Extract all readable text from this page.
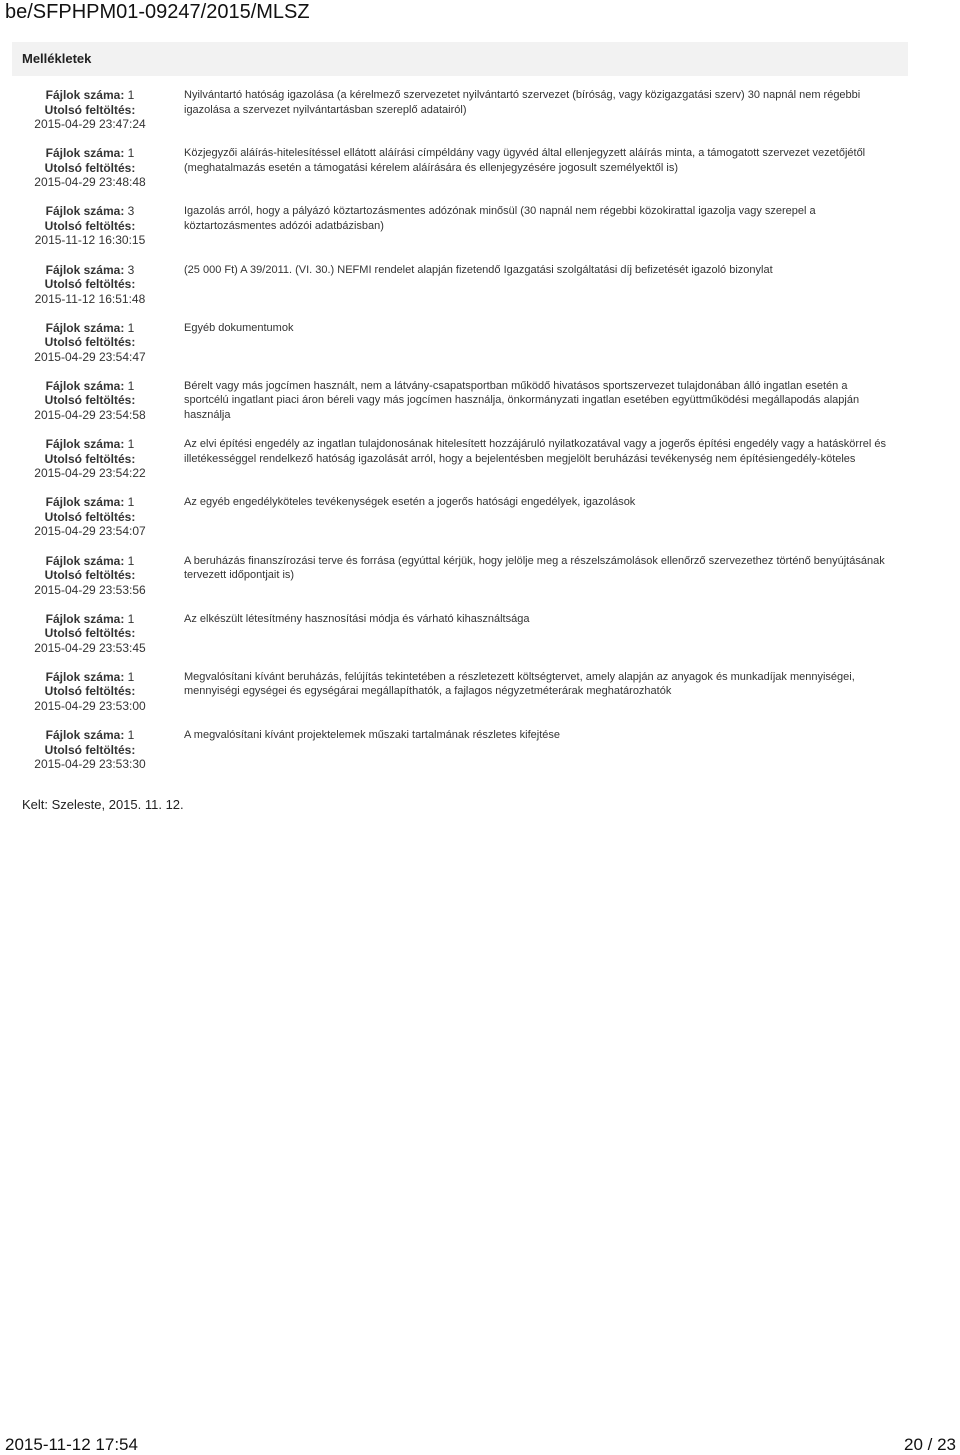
be/SFPHPM01-09247/2015/MLSZ
Mellékletek
Fájlok száma: 1
Utolsó feltöltés:
2015-04-29 23:47:24
Nyilvántartó hatóság igazolása (a kérelmező szervezetet nyilvántartó szervezet (bíróság, vagy közigazgatási szerv) 30 napnál nem régebbi igazolása a szervezet nyilvántartásban szereplő adatairól)
Fájlok száma: 1
Utolsó feltöltés:
2015-04-29 23:48:48
Közjegyzői aláírás-hitelesítéssel ellátott aláírási címpéldány vagy ügyvéd által ellenjegyzett aláírás minta, a támogatott szervezet vezetőjétől (meghatalmazás esetén a támogatási kérelem aláírására és ellenjegyzésére jogosult személyektől is)
Fájlok száma: 3
Utolsó feltöltés:
2015-11-12 16:30:15
Igazolás arról, hogy a pályázó köztartozásmentes adózónak minősül (30 napnál nem régebbi közokirattal igazolja vagy szerepel a köztartozásmentes adózói adatbázisban)
Fájlok száma: 3
Utolsó feltöltés:
2015-11-12 16:51:48
(25 000 Ft) A 39/2011. (VI. 30.) NEFMI rendelet alapján fizetendő Igazgatási szolgáltatási díj befizetését igazoló bizonylat
Fájlok száma: 1
Utolsó feltöltés:
2015-04-29 23:54:47
Egyéb dokumentumok
Fájlok száma: 1
Utolsó feltöltés:
2015-04-29 23:54:58
Bérelt vagy más jogcímen használt, nem a látvány-csapatsportban működő hivatásos sportszervezet tulajdonában álló ingatlan esetén a sportcélú ingatlant piaci áron béreli vagy más jogcímen használja, önkormányzati ingatlan esetében együttműködési megállapodás alapján használja
Fájlok száma: 1
Utolsó feltöltés:
2015-04-29 23:54:22
Az elvi építési engedély az ingatlan tulajdonosának hitelesített hozzájáruló nyilatkozatával vagy a jogerős építési engedély vagy a hatáskörrel és illetékességgel rendelkező hatóság igazolását arról, hogy a bejelentésben megjelölt beruházási tevékenység nem építésiengedély-köteles
Fájlok száma: 1
Utolsó feltöltés:
2015-04-29 23:54:07
Az egyéb engedélyköteles tevékenységek esetén a jogerős hatósági engedélyek, igazolások
Fájlok száma: 1
Utolsó feltöltés:
2015-04-29 23:53:56
A beruházás finanszírozási terve és forrása (egyúttal kérjük, hogy jelölje meg a részelszámolások ellenőrző szervezethez történő benyújtásának tervezett időpontjait is)
Fájlok száma: 1
Utolsó feltöltés:
2015-04-29 23:53:45
Az elkészült létesítmény hasznosítási módja és várható kihasználtsága
Fájlok száma: 1
Utolsó feltöltés:
2015-04-29 23:53:00
Megvalósítani kívánt beruházás, felújítás tekintetében a részletezett költségtervet, amely alapján az anyagok és munkadíjak mennyiségei, mennyiségi egységei és egységárai megállapíthatók, a fajlagos négyzetméterárak meghatározhatók
Fájlok száma: 1
Utolsó feltöltés:
2015-04-29 23:53:30
A megvalósítani kívánt projektelemek műszaki tartalmának részletes kifejtése
Kelt: Szeleste, 2015. 11. 12.
2015-11-12 17:54	20 / 23
